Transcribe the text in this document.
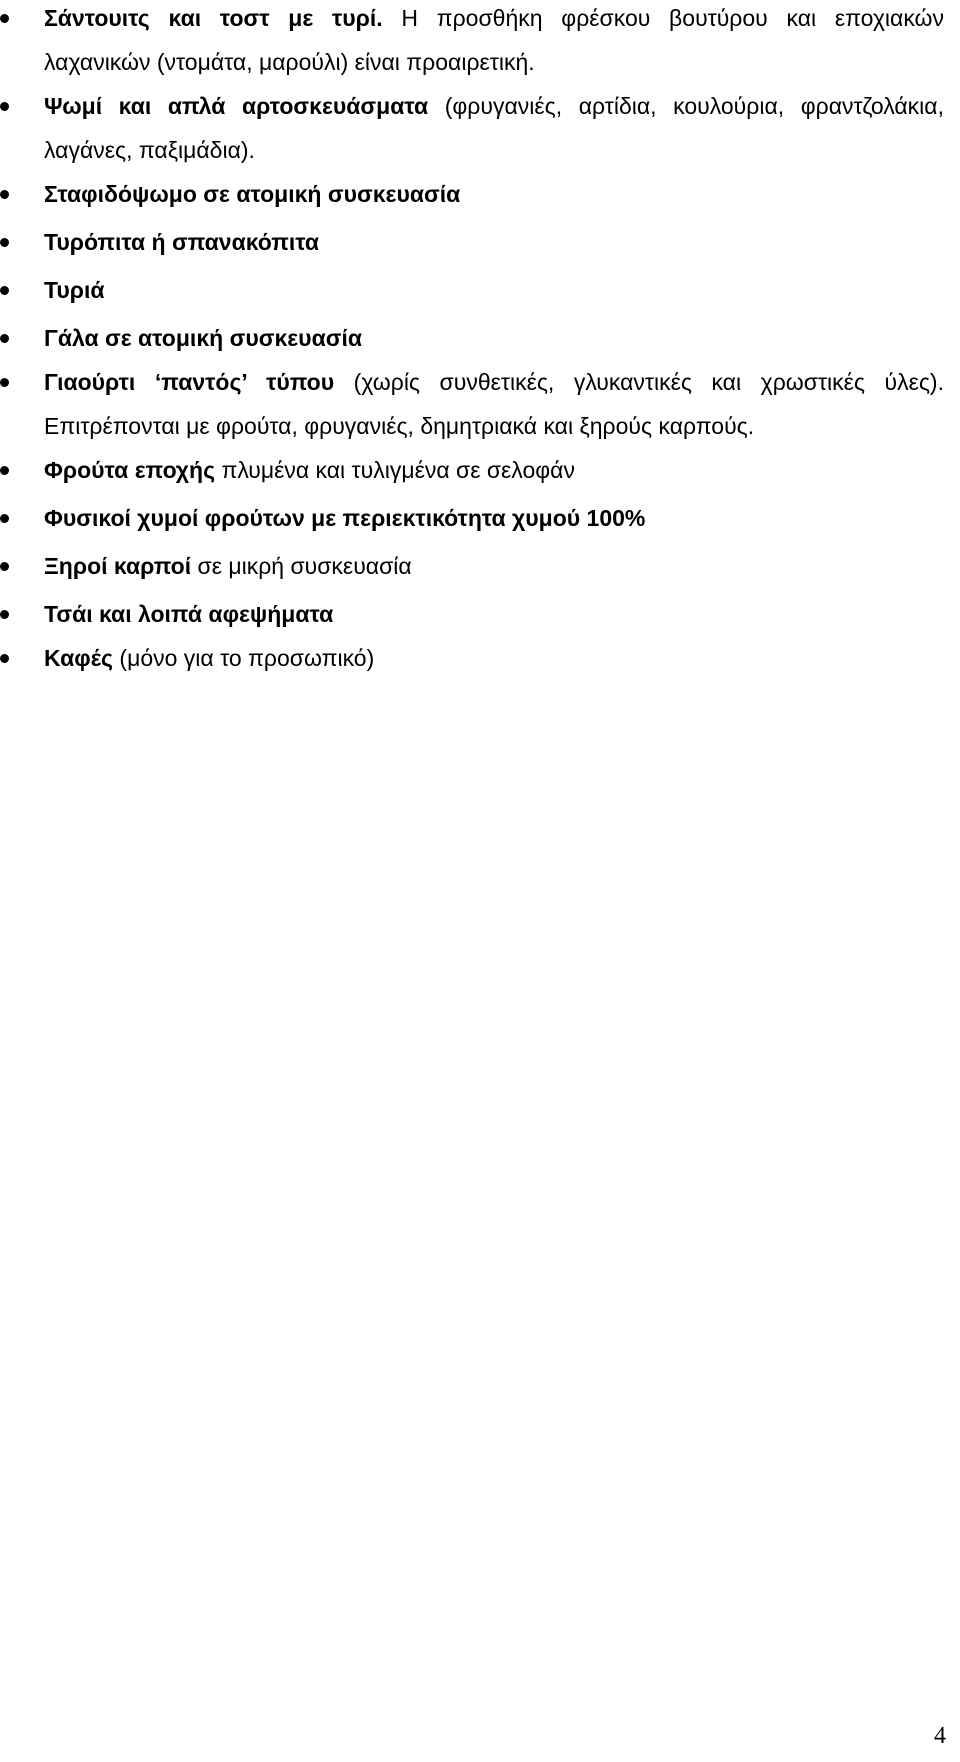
Σάντουιτς και τοστ με τυρί. Η προσθήκη φρέσκου βουτύρου και εποχιακών
λαχανικών (ντομάτα, μαρούλι) είναι προαιρετική.
Ψωμί και απλά αρτοσκευάσματα (φρυγανιές, αρτίδια, κουλούρια, φραντζολάκια,
λαγάνες, παξιμάδια).
Σταφιδόψωμο σε ατομική συσκευασία
Τυρόπιτα ή σπανακόπιτα
Τυριά
Γάλα σε ατομική συσκευασία
Γιαούρτι ‘παντός’ τύπου (χωρίς συνθετικές, γλυκαντικές και χρωστικές ύλες).
Επιτρέπονται με φρούτα, φρυγανιές, δημητριακά και ξηρούς καρπούς.
Φρούτα εποχής πλυμένα και τυλιγμένα σε σελοφάν
Φυσικοί χυμοί φρούτων με περιεκτικότητα χυμού 100%
Ξηροί καρποί σε μικρή συσκευασία
Τσάι και λοιπά αφεψήματα
Καφές (μόνο για το προσωπικό)
4
